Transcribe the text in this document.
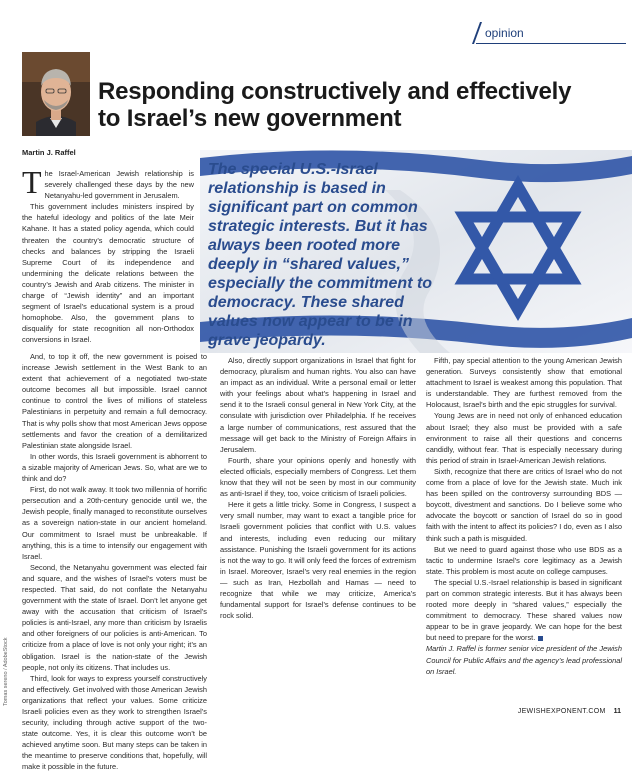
opinion
Responding constructively and effectively
to Israel’s new government
Martin J. Raffel
The special U.S.-Israel relationship is based in significant part on common strategic interests. But it has always been rooted more deeply in “shared values,” especially the commitment to democracy. These shared values now appear to be in grave jeopardy.

The Israel-American Jewish relationship is severely challenged these days by the new Netanyahu-led government in Jerusalem.

This government includes ministers inspired by the hateful ideology and politics of the late Meir Kahane. It has a stated policy agenda, which could threaten the country’s democratic structure of checks and balances by stripping the Israeli Supreme Court of its independence and undermining the delicate relations between the country’s Jewish and Arab citizens. The minister in charge of “Jewish identity” and an important segment of Israel’s educational system is a proud homophobe. Also, the government plans to disqualify for state recognition all non-Orthodox conversions in Israel.

And, to top it off, the new government is poised to increase Jewish settlement in the West Bank to an extent that achievement of a negotiated two-state outcome becomes all but impossible. Israel cannot continue to control the lives of millions of stateless Palestinians in perpetuity and remain a full democracy. That is why polls show that most American Jews oppose settlements and favor the creation of a demilitarized Palestinian state alongside Israel.

In other words, this Israeli government is abhorrent to a sizable majority of American Jews. So, what are we to think and do?

First, do not walk away. It took two millennia of horrific persecution and a 20th-century genocide until we, the Jewish people, finally managed to reconstitute ourselves as a sovereign nation-state in our ancient homeland. Our commitment to Israel must be unbreakable. If anything, this is a time to intensify our engagement with Israel.

Second, the Netanyahu government was elected fair and square, and the wishes of Israel’s voters must be respected. That said, do not conflate the Netanyahu government with the state of Israel. Don’t let anyone get away with the accusation that criticism of Israel’s policies is anti-Israel, any more than criticism by Israelis and other foreigners of our policies is anti-American. To criticize from a place of love is not only your right; it’s an obligation. Israel is the nation-state of the Jewish people, not only its citizens. That includes us.

Third, look for ways to express yourself constructively and effectively. Get involved with those American Jewish organizations that reflect your values. Some criticize Israeli policies even as they work to strengthen Israel’s security, including through active support of the two-state outcome. Yes, it is clear this outcome won’t be achieved anytime soon. But many steps can be taken in the meantime to preserve conditions that, hopefully, will make it possible in the future.

Also, directly support organizations in Israel that fight for democracy, pluralism and human rights. You also can have an impact as an individual. Write a personal email or letter with your feelings about what’s happening in Israel and send it to the Israeli consul general in New York City, at the consulate with jurisdiction over Philadelphia. If he receives a large number of communications, rest assured that the message will get back to the Ministry of Foreign Affairs in Jerusalem.

Fourth, share your opinions openly and honestly with elected officials, especially members of Congress. Let them know that they will not be seen by most in our community as anti-Israel if they, too, voice criticism of Israeli policies.

Here it gets a little tricky. Some in Congress, I suspect a very small number, may want to exact a tangible price for Israeli government policies that conflict with U.S. values and interests, including even reducing our military assistance. Punishing the Israeli government for its actions is not the way to go. It will only feed the forces of extremism in Israel. Moreover, Israel’s very real enemies in the region — such as Iran, Hezbollah and Hamas — need to recognize that while we may criticize, America’s fundamental support for Israel’s defense continues to be rock solid.

Fifth, pay special attention to the young American Jewish generation. Surveys consistently show that emotional attachment to Israel is weakest among this population. That is understandable. They are furthest removed from the Holocaust, Israel’s birth and the epic struggles for survival.

Young Jews are in need not only of enhanced education about Israel; they also must be provided with a safe environment to raise all their questions and concerns candidly, without fear. That is especially necessary during this period of strain in Israel-American Jewish relations.

Sixth, recognize that there are critics of Israel who do not come from a place of love for the Jewish state. Much ink has been spilled on the controversy surrounding BDS — boycott, divestment and sanctions. Do I believe some who advocate the boycott or sanction of Israel do so in good faith with the intent to affect its policies? I do, even as I also think such a path is misguided.

But we need to guard against those who use BDS as a tactic to undermine Israel’s core legitimacy as a Jewish state. This problem is most acute on college campuses.

The special U.S.-Israel relationship is based in significant part on common strategic interests. But it has always been rooted more deeply in “shared values,” especially the commitment to democracy. These shared values now appear to be in grave jeopardy. We can hope for the best but need to prepare for the worst.

Martin J. Raffel is former senior vice president of the Jewish Council for Public Affairs and the agency’s lead professional on Israel.

Tomas sereno / AdobeStock
JEWISHEXPONENT.COM 11
